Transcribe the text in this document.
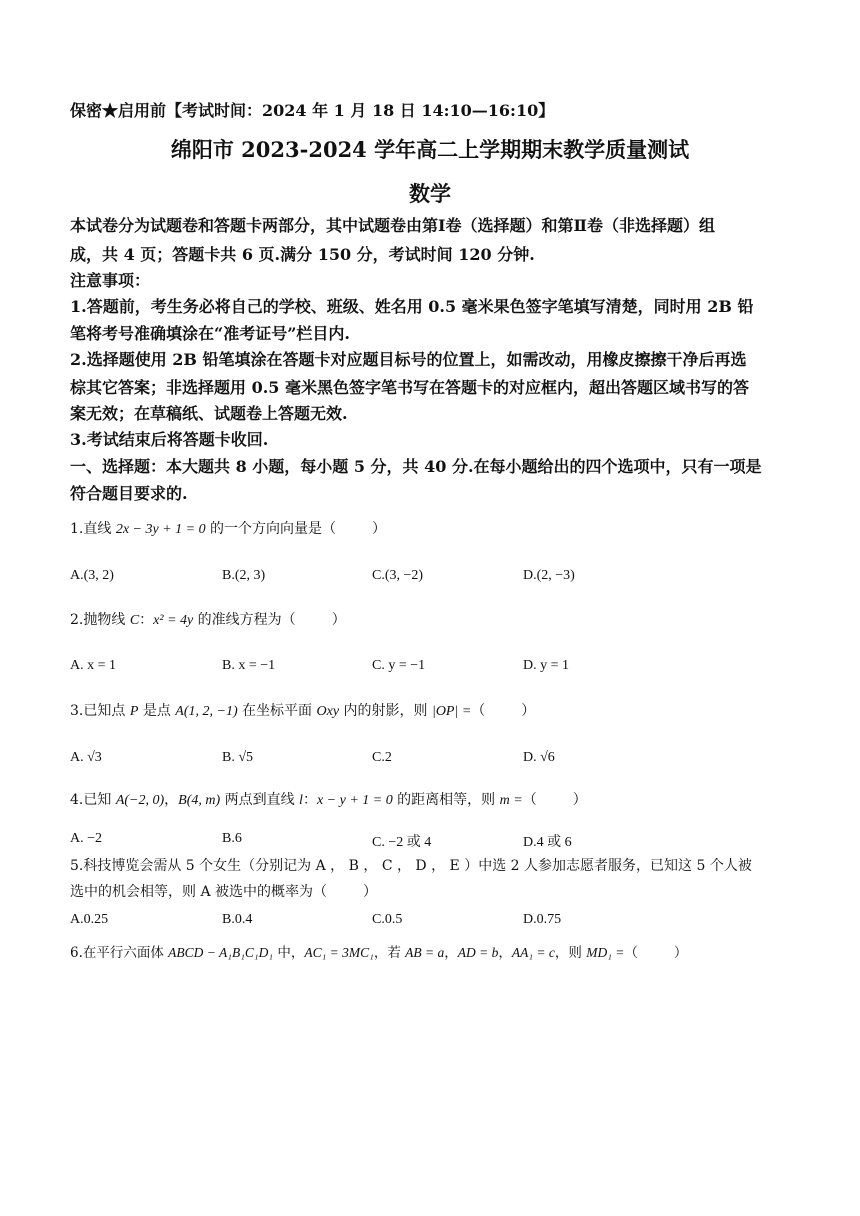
保密★启用前【考试时间：2024 年 1 月 18 日 14:10—16:10】
绵阳市 2023-2024 学年高二上学期期末教学质量测试
数学
本试卷分为试题卷和答题卡两部分，其中试题卷由第Ⅰ卷（选择题）和第Ⅱ卷（非选择题）组
成，共 4 页；答题卡共 6 页.满分 150 分，考试时间 120 分钟.
注意事项：
1.答题前，考生务必将自己的学校、班级、姓名用 0.5 毫米果色签字笔填写清楚，同时用 2B 铅
笔将考号准确填涂在“准考证号”栏目内.
2.选择题使用 2B 铅笔填涂在答题卡对应题目标号的位置上，如需改动，用橡皮擦擦干净后再选
棕其它答案；非选择题用 0.5 毫米黑色签字笔书写在答题卡的对应框内，超出答题区域书写的答
案无效；在草稿纸、试题卷上答题无效.
3.考试结束后将答题卡收回.
一、选择题：本大题共 8 小题，每小题 5 分，共 40 分.在每小题给出的四个选项中，只有一项是
符合题目要求的.
1.直线 2x − 3y + 1 = 0 的一个方向向量是（	）
A.(3, 2)	B.(2, 3)	C.(3, −2)	D.(2, −3)
2.抛物线 C：x² = 4y 的准线方程为（	）
A. x = 1	B. x = −1	C. y = −1	D. y = 1
3.已知点 P 是点 A(1, 2, −1) 在坐标平面 Oxy 内的射影，则 |OP| =（	）
A. √3	B. √5	C.2	D. √6
4.已知 A(−2, 0)，B(4, m) 两点到直线 l：x − y + 1 = 0 的距离相等，则 m =（	）
A. −2	B.6	C. −2 或 4	D.4 或 6
5.科技博览会需从 5 个女生（分别记为 A ， B ， C ， D ， E ）中选 2 人参加志愿者服务，已知这 5 个人被
选中的机会相等，则 A 被选中的概率为（	）
A.0.25	B.0.4	C.0.5	D.0.75
6.在平行六面体 ABCD − A₁B₁C₁D₁ 中，AC₁ = 3MC₁，若 AB = a，AD = b，AA₁ = c，则 MD₁ =（	）
